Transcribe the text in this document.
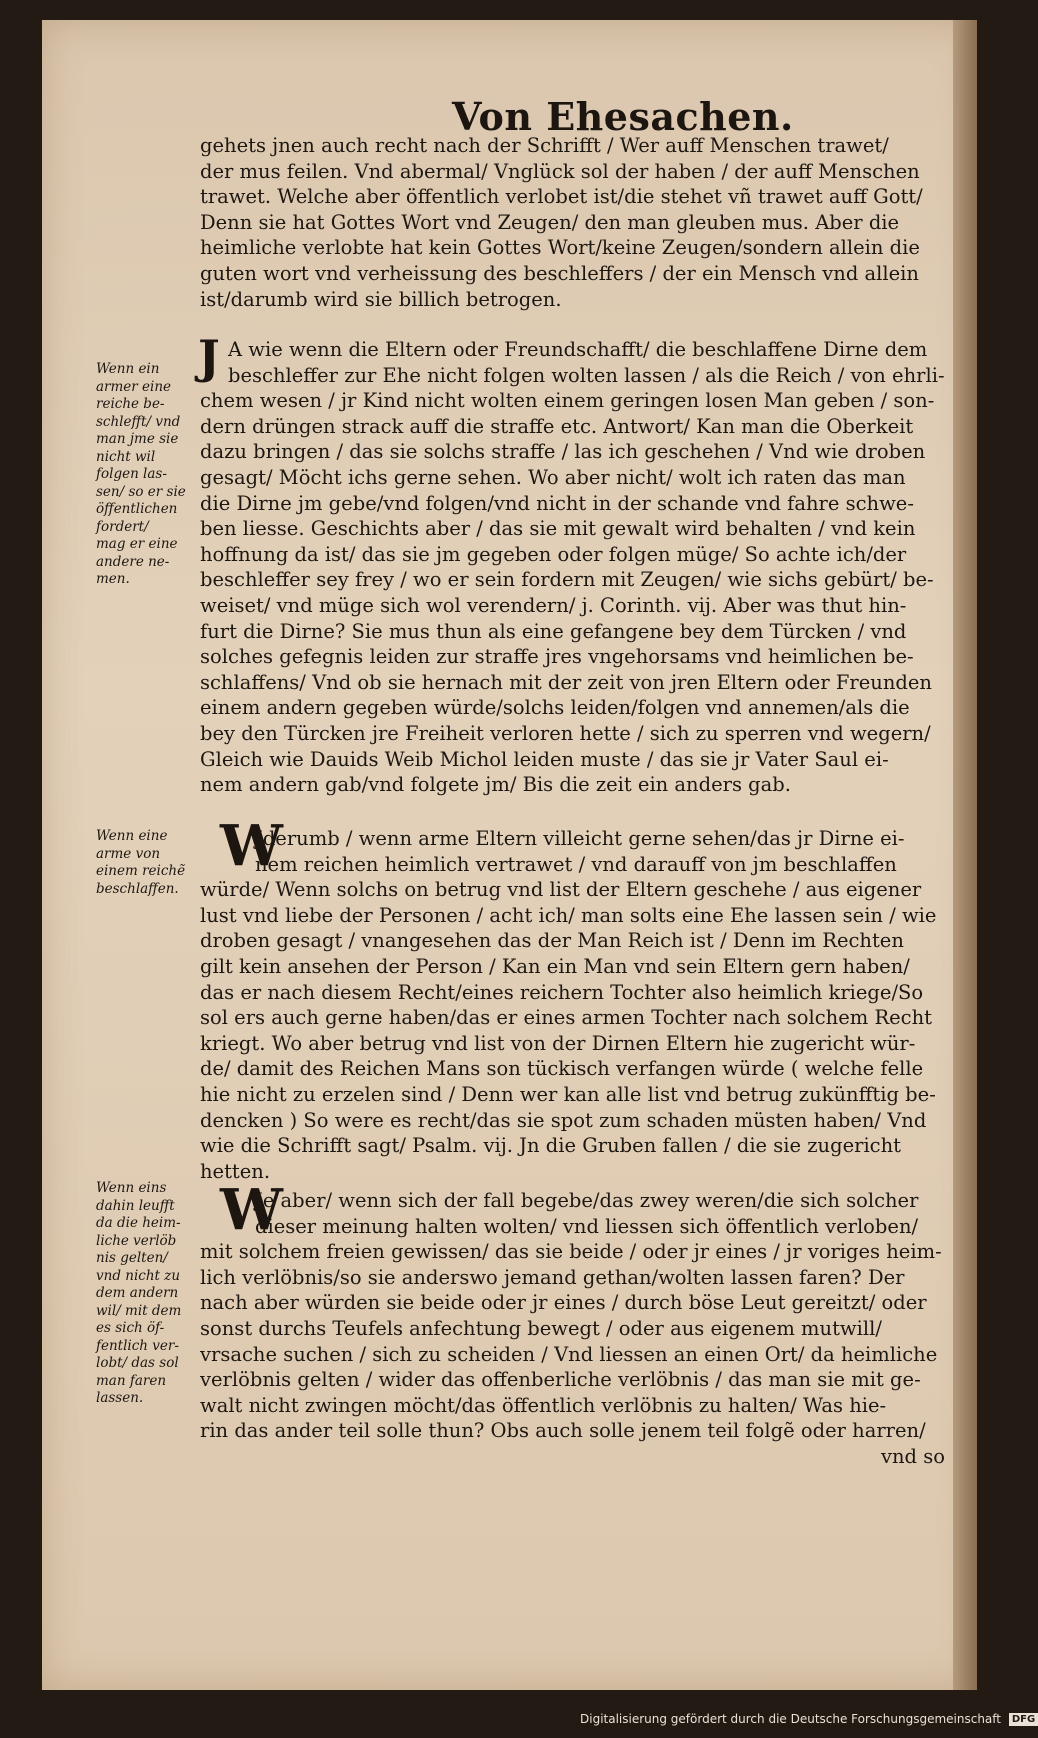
Von Ehesachen.
gehets jnen auch recht nach der Schrifft / Wer auff Menschen trawet/
der mus feilen. Vnd abermal/ Vnglück sol der haben / der auff Menschen
trawet. Welche aber öffentlich verlobet ist/die stehet vñ trawet auff Gott/
Denn sie hat Gottes Wort vnd Zeugen/ den man gleuben mus. Aber die
heimliche verlobte hat kein Gottes Wort/keine Zeugen/sondern allein die
guten wort vnd verheissung des beschleffers / der ein Mensch vnd allein
ist/darumb wird sie billich betrogen.
J A wie wenn die Eltern oder Freundschafft/ die beschlaffene Dirne dem
beschleffer zur Ehe nicht folgen wolten lassen / als die Reich / von ehrli-
chem wesen / jr Kind nicht wolten einem geringen losen Man geben / son-
dern drüngen strack auff die straffe etc. Antwort/ Kan man die Oberkeit
dazu bringen / das sie solchs straffe / las ich geschehen / Vnd wie droben
gesagt/ Möcht ichs gerne sehen. Wo aber nicht/ wolt ich raten das man
die Dirne jm gebe/vnd folgen/vnd nicht in der schande vnd fahre schwe-
ben liesse. Geschichts aber / das sie mit gewalt wird behalten / vnd kein
hoffnung da ist/ das sie jm gegeben oder folgen müge/ So achte ich/der
beschleffer sey frey / wo er sein fordern mit Zeugen/ wie sichs gebürt/ be-
weiset/ vnd müge sich wol verendern/ j. Corinth. vij. Aber was thut hin-
furt die Dirne? Sie mus thun als eine gefangene bey dem Türcken / vnd
solches gefegnis leiden zur straffe jres vngehorsams vnd heimlichen be-
schlaffens/ Vnd ob sie hernach mit der zeit von jren Eltern oder Freunden
einem andern gegeben würde/solchs leiden/folgen vnd annemen/als die
bey den Türcken jre Freiheit verloren hette / sich zu sperren vnd wegern/
Gleich wie Dauids Weib Michol leiden muste / das sie jr Vater Saul ei-
nem andern gab/vnd folgete jm/ Bis die zeit ein anders gab.
W
Jderumb / wenn arme Eltern villeicht gerne sehen/das jr Dirne ei-
nem reichen heimlich vertrawet / vnd darauff von jm beschlaffen
würde/ Wenn solchs on betrug vnd list der Eltern geschehe / aus eigener
lust vnd liebe der Personen / acht ich/ man solts eine Ehe lassen sein / wie
droben gesagt / vnangesehen das der Man Reich ist / Denn im Rechten
gilt kein ansehen der Person / Kan ein Man vnd sein Eltern gern haben/
das er nach diesem Recht/eines reichern Tochter also heimlich kriege/So
sol ers auch gerne haben/das er eines armen Tochter nach solchem Recht
kriegt. Wo aber betrug vnd list von der Dirnen Eltern hie zugericht wür-
de/ damit des Reichen Mans son tückisch verfangen würde ( welche felle
hie nicht zu erzelen sind / Denn wer kan alle list vnd betrug zukünfftig be-
dencken ) So were es recht/das sie spot zum schaden müsten haben/ Vnd
wie die Schrifft sagt/ Psalm. vij. Jn die Gruben fallen / die sie zugericht
hetten.
W
Je aber/ wenn sich der fall begebe/das zwey weren/die sich solcher
dieser meinung halten wolten/ vnd liessen sich öffentlich verloben/
mit solchem freien gewissen/ das sie beide / oder jr eines / jr voriges heim-
lich verlöbnis/so sie anderswo jemand gethan/wolten lassen faren? Der
nach aber würden sie beide oder jr eines / durch böse Leut gereitzt/ oder
sonst durchs Teufels anfechtung bewegt / oder aus eigenem mutwill/
vrsache suchen / sich zu scheiden / Vnd liessen an einen Ort/ da heimliche
verlöbnis gelten / wider das offenberliche verlöbnis / das man sie mit ge-
walt nicht zwingen möcht/das öffentlich verlöbnis zu halten/ Was hie-
rin das ander teil solle thun? Obs auch solle jenem teil folgẽ oder harren/
vnd so
Wenn ein
armer eine
reiche be-
schlefft/ vnd
man jme sie
nicht wil
folgen las-
sen/ so er sie
öffentlichen
fordert/
mag er eine
andere ne-
men.
Wenn eine
arme von
einem reichẽ
beschlaffen.
Wenn eins
dahin leufft
da die heim-
liche verlöb
nis gelten/
vnd nicht zu
dem andern
wil/ mit dem
es sich öf-
fentlich ver-
lobt/ das sol
man faren
lassen.
Digitalisierung gefördert durch die Deutsche Forschungsgemeinschaft DFG
